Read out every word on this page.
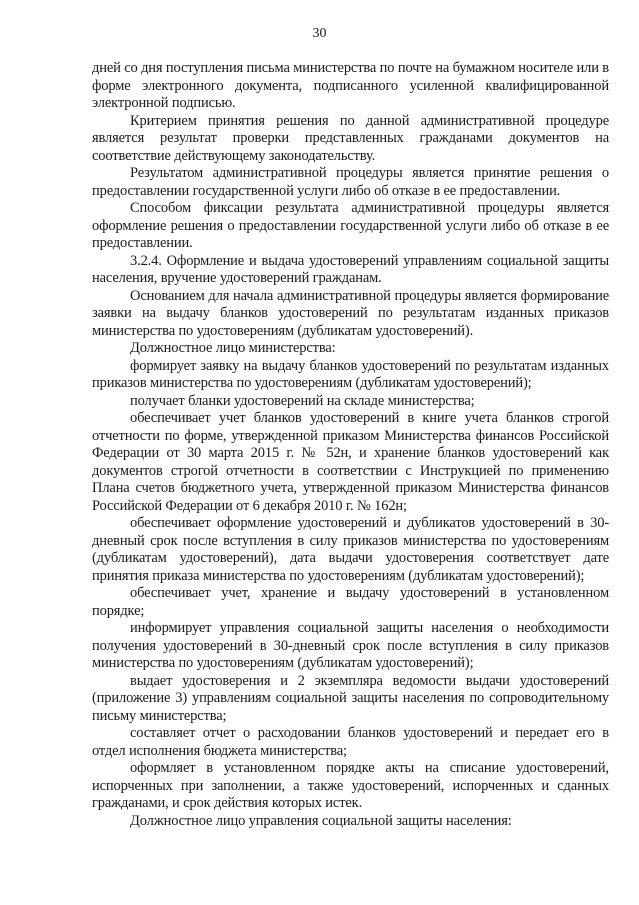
30

дней со дня поступления письма министерства по почте на бумажном носителе или в форме электронного документа, подписанного усиленной квалифицированной электронной подписью.

Критерием принятия решения по данной административной процедуре является результат проверки представленных гражданами документов на соответствие действующему законодательству.

Результатом административной процедуры является принятие решения о предоставлении государственной услуги либо об отказе в ее предоставлении.

Способом фиксации результата административной процедуры является оформление решения о предоставлении государственной услуги либо об отказе в ее предоставлении.

3.2.4. Оформление и выдача удостоверений управлениям социальной защиты населения, вручение удостоверений гражданам.

Основанием для начала административной процедуры является формирование заявки на выдачу бланков удостоверений по результатам изданных приказов министерства по удостоверениям (дубликатам удостоверений).

Должностное лицо министерства:

формирует заявку на выдачу бланков удостоверений по результатам изданных приказов министерства по удостоверениям (дубликатам удостоверений);

получает бланки удостоверений на складе министерства;

обеспечивает учет бланков удостоверений в книге учета бланков строгой отчетности по форме, утвержденной приказом Министерства финансов Российской Федерации от 30 марта 2015 г. № 52н, и хранение бланков удостоверений как документов строгой отчетности в соответствии с Инструкцией по применению Плана счетов бюджетного учета, утвержденной приказом Министерства финансов Российской Федерации от 6 декабря 2010 г. № 162н;

обеспечивает оформление удостоверений и дубликатов удостоверений в 30-дневный срок после вступления в силу приказов министерства по удостоверениям (дубликатам удостоверений), дата выдачи удостоверения соответствует дате принятия приказа министерства по удостоверениям (дубликатам удостоверений);

обеспечивает учет, хранение и выдачу удостоверений в установленном порядке;

информирует управления социальной защиты населения о необходимости получения удостоверений в 30-дневный срок после вступления в силу приказов министерства по удостоверениям (дубликатам удостоверений);

выдает удостоверения и 2 экземпляра ведомости выдачи удостоверений (приложение 3) управлениям социальной защиты населения по сопроводительному письму министерства;

составляет отчет о расходовании бланков удостоверений и передает его в отдел исполнения бюджета министерства;

оформляет в установленном порядке акты на списание удостоверений, испорченных при заполнении, а также удостоверений, испорченных и сданных гражданами, и срок действия которых истек.

Должностное лицо управления социальной защиты населения:
